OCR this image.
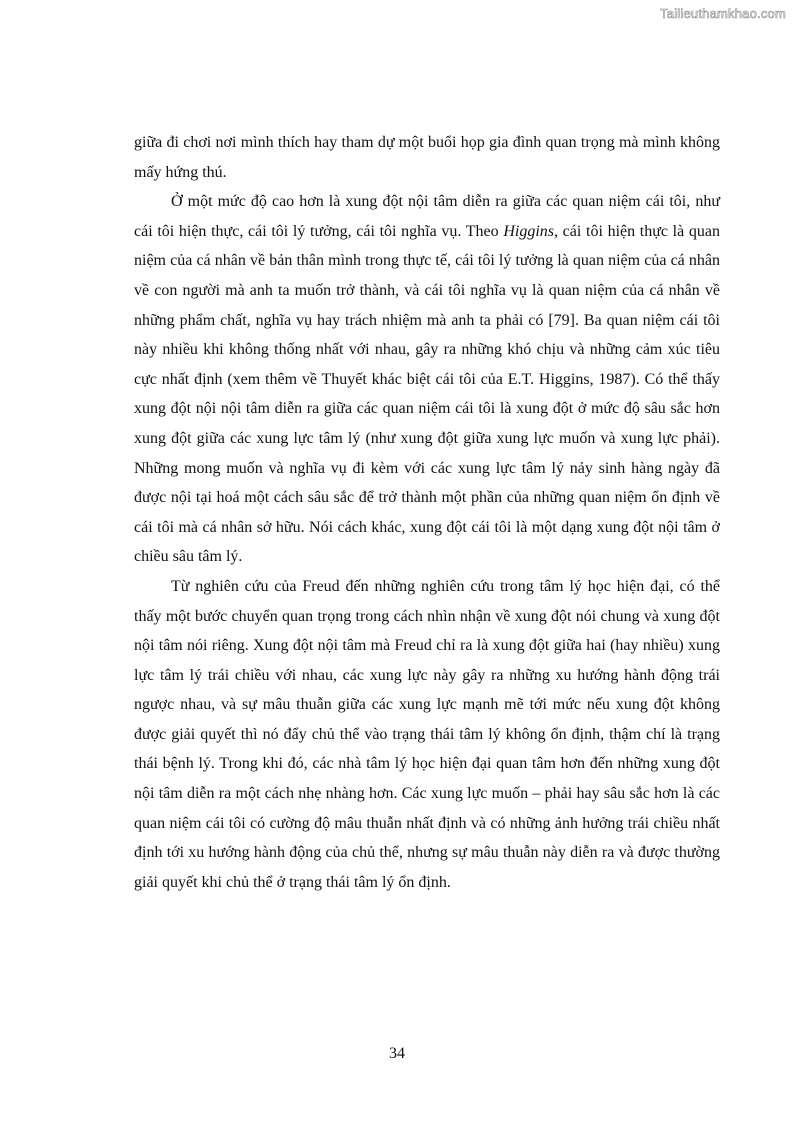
Tailieuthamkhao.com

giữa đi chơi nơi mình thích hay tham dự một buổi họp gia đình quan trọng mà mình không mấy hứng thú.

Ở một mức độ cao hơn là xung đột nội tâm diễn ra giữa các quan niệm cái tôi, như cái tôi hiện thực, cái tôi lý tưởng, cái tôi nghĩa vụ. Theo Higgins, cái tôi hiện thực là quan niệm của cá nhân về bản thân mình trong thực tế, cái tôi lý tưởng là quan niệm của cá nhân về con người mà anh ta muốn trở thành, và cái tôi nghĩa vụ là quan niệm của cá nhân về những phẩm chất, nghĩa vụ hay trách nhiệm mà anh ta phải có [79]. Ba quan niệm cái tôi này nhiều khi không thống nhất với nhau, gây ra những khó chịu và những cảm xúc tiêu cực nhất định (xem thêm về Thuyết khác biệt cái tôi của E.T. Higgins, 1987). Có thể thấy xung đột nội nội tâm diễn ra giữa các quan niệm cái tôi là xung đột ở mức độ sâu sắc hơn xung đột giữa các xung lực tâm lý (như xung đột giữa xung lực muốn và xung lực phải). Những mong muốn và nghĩa vụ đi kèm với các xung lực tâm lý nảy sinh hàng ngày đã được nội tại hoá một cách sâu sắc để trở thành một phần của những quan niệm ổn định về cái tôi mà cá nhân sở hữu. Nói cách khác, xung đột cái tôi là một dạng xung đột nội tâm ở chiều sâu tâm lý.

Từ nghiên cứu của Freud đến những nghiên cứu trong tâm lý học hiện đại, có thể thấy một bước chuyển quan trọng trong cách nhìn nhận về xung đột nói chung và xung đột nội tâm nói riêng. Xung đột nội tâm mà Freud chỉ ra là xung đột giữa hai (hay nhiều) xung lực tâm lý trái chiều với nhau, các xung lực này gây ra những xu hướng hành động trái ngược nhau, và sự mâu thuẫn giữa các xung lực mạnh mẽ tới mức nếu xung đột không được giải quyết thì nó đẩy chủ thể vào trạng thái tâm lý không ổn định, thậm chí là trạng thái bệnh lý. Trong khi đó, các nhà tâm lý học hiện đại quan tâm hơn đến những xung đột nội tâm diễn ra một cách nhẹ nhàng hơn. Các xung lực muốn – phải hay sâu sắc hơn là các quan niệm cái tôi có cường độ mâu thuẫn nhất định và có những ảnh hưởng trái chiều nhất định tới xu hướng hành động của chủ thể, nhưng sự mâu thuẫn này diễn ra và được thường giải quyết khi chủ thể ở trạng thái tâm lý ổn định.

34
